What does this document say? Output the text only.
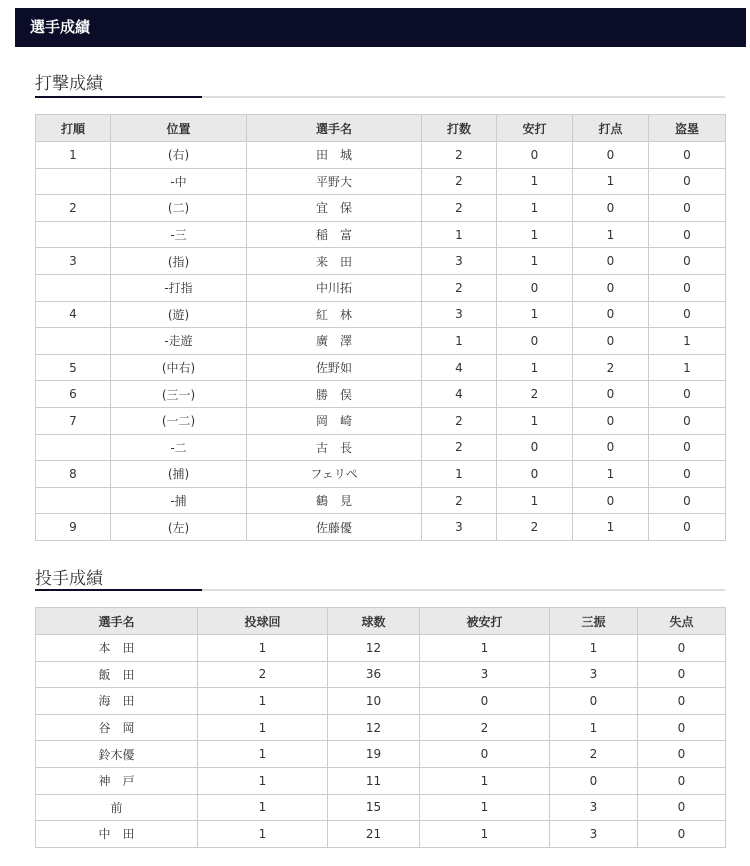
選手成績
打撃成績
打順	位置	選手名	打数	安打	打点	盗塁
1	(右)	田　城	2	0	0	0
	-中	平野大	2	1	1	0
2	(二)	宜　保	2	1	0	0
	-三	稲　富	1	1	1	0
3	(指)	来　田	3	1	0	0
	-打指	中川拓	2	0	0	0
4	(遊)	紅　林	3	1	0	0
	-走遊	廣　澤	1	0	0	1
5	(中右)	佐野如	4	1	2	1
6	(三一)	勝　俣	4	2	0	0
7	(一二)	岡　崎	2	1	0	0
	-二	古　長	2	0	0	0
8	(捕)	フェリペ	1	0	1	0
	-捕	鶴　見	2	1	0	0
9	(左)	佐藤優	3	2	1	0
投手成績
選手名	投球回	球数	被安打	三振	失点
本　田	1	12	1	1	0
飯　田	2	36	3	3	0
海　田	1	10	0	0	0
谷　岡	1	12	2	1	0
鈴木優	1	19	0	2	0
神　戸	1	11	1	0	0
前	1	15	1	3	0
中　田	1	21	1	3	0
